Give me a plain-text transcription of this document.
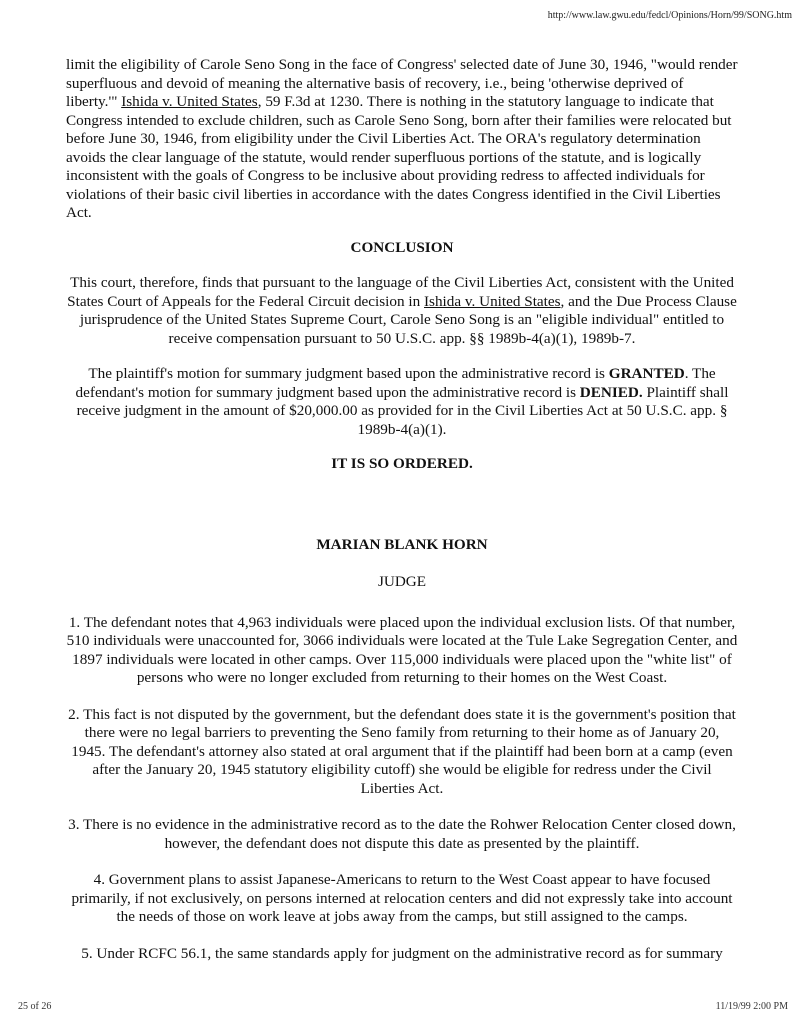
http://www.law.gwu.edu/fedcl/Opinions/Horn/99/SONG.htm

limit the eligibility of Carole Seno Song in the face of Congress' selected date of June 30, 1946, "would render superfluous and devoid of meaning the alternative basis of recovery, i.e., being 'otherwise deprived of liberty.'" Ishida v. United States, 59 F.3d at 1230. There is nothing in the statutory language to indicate that Congress intended to exclude children, such as Carole Seno Song, born after their families were relocated but before June 30, 1946, from eligibility under the Civil Liberties Act. The ORA's regulatory determination avoids the clear language of the statute, would render superfluous portions of the statute, and is logically inconsistent with the goals of Congress to be inclusive about providing redress to affected individuals for violations of their basic civil liberties in accordance with the dates Congress identified in the Civil Liberties Act.

CONCLUSION

This court, therefore, finds that pursuant to the language of the Civil Liberties Act, consistent with the United States Court of Appeals for the Federal Circuit decision in Ishida v. United States, and the Due Process Clause jurisprudence of the United States Supreme Court, Carole Seno Song is an "eligible individual" entitled to receive compensation pursuant to 50 U.S.C. app. §§ 1989b-4(a)(1), 1989b-7.

The plaintiff's motion for summary judgment based upon the administrative record is GRANTED. The defendant's motion for summary judgment based upon the administrative record is DENIED. Plaintiff shall receive judgment in the amount of $20,000.00 as provided for in the Civil Liberties Act at 50 U.S.C. app. § 1989b-4(a)(1).

IT IS SO ORDERED.

MARIAN BLANK HORN

JUDGE

1. The defendant notes that 4,963 individuals were placed upon the individual exclusion lists. Of that number, 510 individuals were unaccounted for, 3066 individuals were located at the Tule Lake Segregation Center, and 1897 individuals were located in other camps. Over 115,000 individuals were placed upon the "white list" of persons who were no longer excluded from returning to their homes on the West Coast.

2. This fact is not disputed by the government, but the defendant does state it is the government's position that there were no legal barriers to preventing the Seno family from returning to their home as of January 20, 1945. The defendant's attorney also stated at oral argument that if the plaintiff had been born at a camp (even after the January 20, 1945 statutory eligibility cutoff) she would be eligible for redress under the Civil Liberties Act.

3. There is no evidence in the administrative record as to the date the Rohwer Relocation Center closed down, however, the defendant does not dispute this date as presented by the plaintiff.

4. Government plans to assist Japanese-Americans to return to the West Coast appear to have focused primarily, if not exclusively, on persons interned at relocation centers and did not expressly take into account the needs of those on work leave at jobs away from the camps, but still assigned to the camps.

5. Under RCFC 56.1, the same standards apply for judgment on the administrative record as for summary

25 of 26	11/19/99 2:00 PM
